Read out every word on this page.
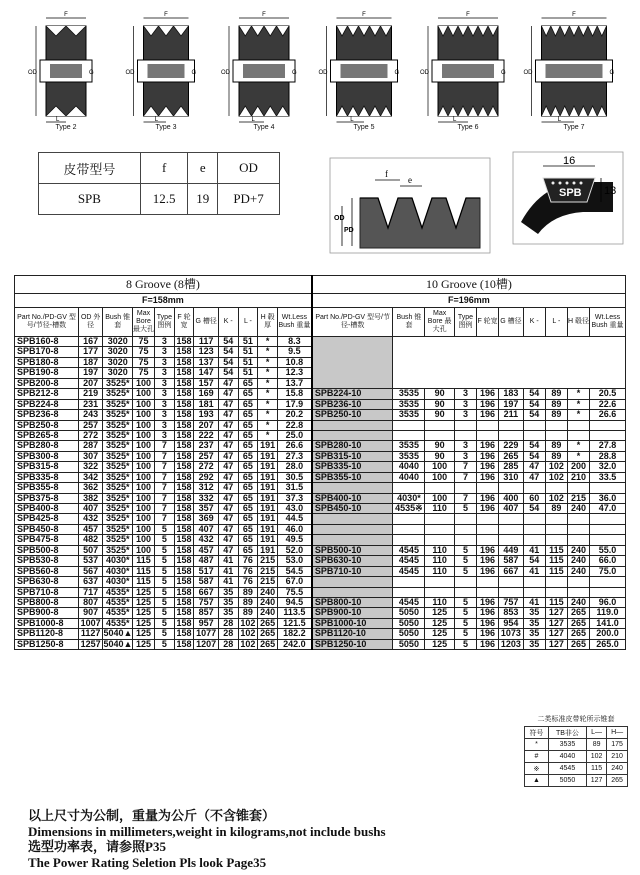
F
OD	G
L
Type 2
F
OD	G
L
Type 3
F
OD	G
L
Type 4
F
OD	G
L
Type 5
F
OD	G
L
Type 6
F
OD	G
L
Type 7
皮带型号	f	e	OD
SPB	12.5	19	PD+7
f
e
OD
PD
16
13
SPB
8 Groove (8槽)											10 Groove (10槽)									
F=158mm											F=196mm									
Part No./PD-GV 型号/节径-槽数	OD 外径	Bush 锥套	Max Bore 最大孔	Type 图例	F 轮宽	G 槽径	K -	L -	H 毂厚	Wt.Less Bush 重量	Part No./PD-GV 型号/节径-槽数	Bush 锥套	Max Bore 最大孔	Type 图例	F 轮宽	G 槽径	K -	L -	H 毂径	Wt.Less Bush 重量
SPB160-8	167	3020	75	3	158	117	54	51	*	8.3										
SPB170-8	177	3020	75	3	158	123	54	51	*	9.5										
SPB180-8	187	3020	75	3	158	137	54	51	*	10.8										
SPB190-8	197	3020	75	3	158	147	54	51	*	12.3										
SPB200-8	207	3525*	100	3	158	157	47	65	*	13.7										
SPB212-8	219	3525*	100	3	158	169	47	65	*	15.8	SPB224-10	3535	90	3	196	183	54	89	*	20.5
SPB224-8	231	3525*	100	3	158	181	47	65	*	17.9	SPB236-10	3535	90	3	196	197	54	89	*	22.6
SPB236-8	243	3525*	100	3	158	193	47	65	*	20.2	SPB250-10	3535	90	3	196	211	54	89	*	26.6
SPB250-8	257	3525*	100	3	158	207	47	65	*	22.8										
SPB265-8	272	3525*	100	3	158	222	47	65	*	25.0										
SPB280-8	287	3525*	100	7	158	237	47	65	191	26.6	SPB280-10	3535	90	3	196	229	54	89	*	27.8
SPB300-8	307	3525*	100	7	158	257	47	65	191	27.3	SPB315-10	3535	90	3	196	265	54	89	*	28.8
SPB315-8	322	3525*	100	7	158	272	47	65	191	28.0	SPB335-10	4040	100	7	196	285	47	102	200	32.0
SPB335-8	342	3525*	100	7	158	292	47	65	191	30.5	SPB355-10	4040	100	7	196	310	47	102	210	33.5
SPB355-8	362	3525*	100	7	158	312	47	65	191	31.5										
SPB375-8	382	3525*	100	7	158	332	47	65	191	37.3	SPB400-10	4030*	100	7	196	400	60	102	215	36.0
SPB400-8	407	3525*	100	7	158	357	47	65	191	43.0	SPB450-10	4535※	110	5	196	407	54	89	240	47.0
SPB425-8	432	3525*	100	7	158	369	47	65	191	44.5										
SPB450-8	457	3525*	100	5	158	407	47	65	191	46.0										
SPB475-8	482	3525*	100	5	158	432	47	65	191	49.5										
SPB500-8	507	3525*	100	5	158	457	47	65	191	52.0	SPB500-10	4545	110	5	196	449	41	115	240	55.0
SPB530-8	537	4030*	115	5	158	487	41	76	215	53.0	SPB630-10	4545	110	5	196	587	54	115	240	66.0
SPB560-8	567	4030*	115	5	158	517	41	76	215	54.5	SPB710-10	4545	110	5	196	667	41	115	240	75.0
SPB630-8	637	4030*	115	5	158	587	41	76	215	67.0										
SPB710-8	717	4535*	125	5	158	667	35	89	240	75.5										
SPB800-8	807	4535*	125	5	158	757	35	89	240	94.5	SPB800-10	4545	110	5	196	757	41	115	240	96.0
SPB900-8	907	4535*	125	5	158	857	35	89	240	113.5	SPB900-10	5050	125	5	196	853	35	127	265	119.0
SPB1000-8	1007	4535*	125	5	158	957	28	102	265	121.5	SPB1000-10	5050	125	5	196	954	35	127	265	141.0
SPB1120-8	1127	5040▲	125	5	158	1077	28	102	265	182.2	SPB1120-10	5050	125	5	196	1073	35	127	265	200.0
SPB1250-8	1257	5040▲	125	5	158	1207	28	102	265	242.0	SPB1250-10	5050	125	5	196	1203	35	127	265	265.0
二类标准皮带轮所示锥套
符号	TB非公	L—	H—
*	3535	89	175
#	4040	102	210
※	4545	115	240
▲	5050	127	265
以上尺寸为公制，重量为公斤（不含锥套）
Dimensions in millimeters,weight in kilograms,not include bushs
选型功率表，请参照P35
The Power Rating Seletion Pls look Page35
